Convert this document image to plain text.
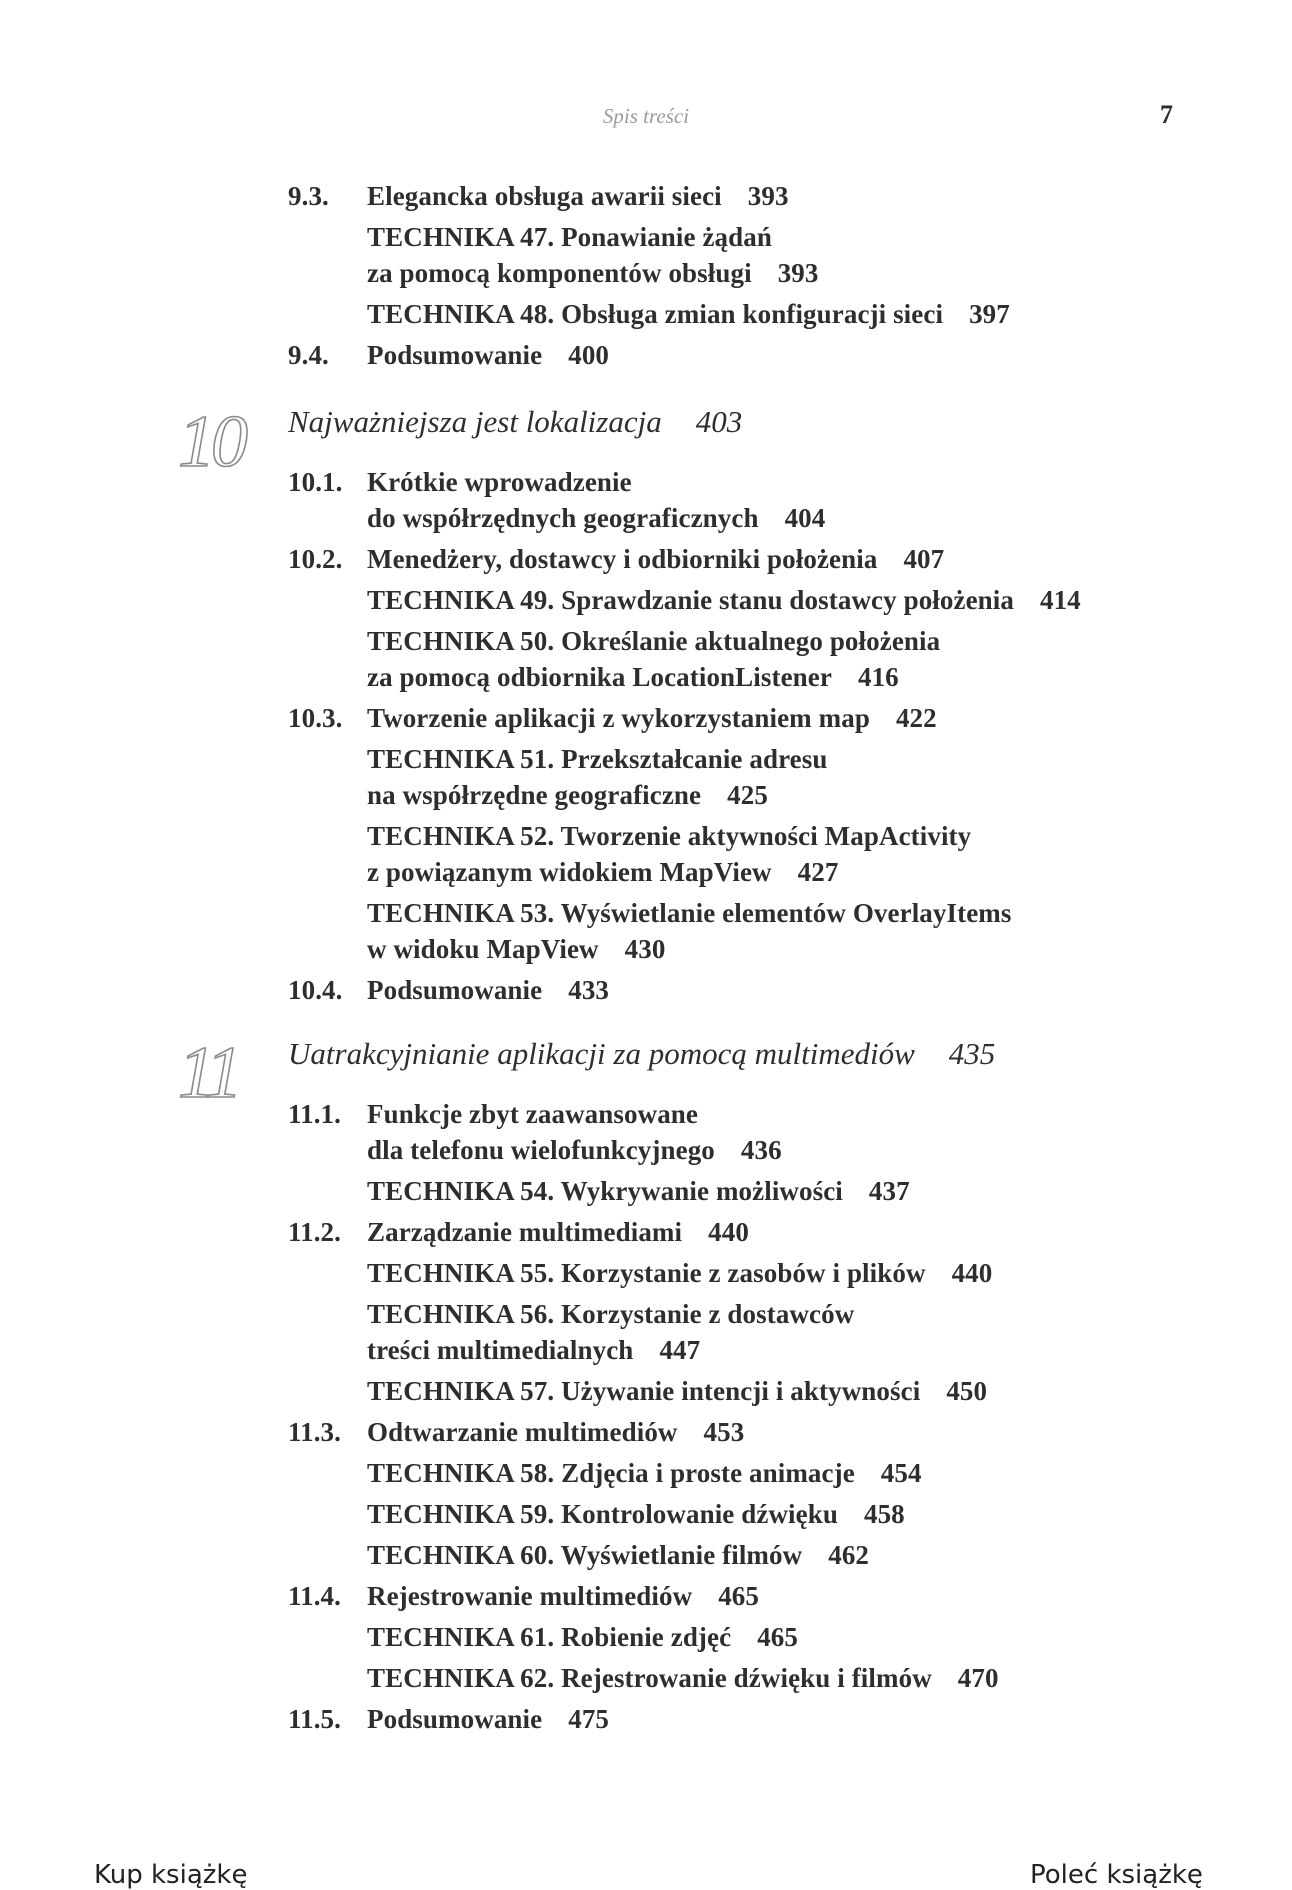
Spis treści	7
9.3. Elegancka obsługa awarii sieci 393
TECHNIKA 47. Ponawianie żądań
za pomocą komponentów obsługi 393
TECHNIKA 48. Obsługa zmian konfiguracji sieci 397
9.4. Podsumowanie 400
10 Najważniejsza jest lokalizacja 403
10.1. Krótkie wprowadzenie
do współrzędnych geograficznych 404
10.2. Menedżery, dostawcy i odbiorniki położenia 407
TECHNIKA 49. Sprawdzanie stanu dostawcy położenia 414
TECHNIKA 50. Określanie aktualnego położenia
za pomocą odbiornika LocationListener 416
10.3. Tworzenie aplikacji z wykorzystaniem map 422
TECHNIKA 51. Przekształcanie adresu
na współrzędne geograficzne 425
TECHNIKA 52. Tworzenie aktywności MapActivity
z powiązanym widokiem MapView 427
TECHNIKA 53. Wyświetlanie elementów OverlayItems
w widoku MapView 430
10.4. Podsumowanie 433
11 Uatrakcyjnianie aplikacji za pomocą multimediów 435
11.1. Funkcje zbyt zaawansowane
dla telefonu wielofunkcyjnego 436
TECHNIKA 54. Wykrywanie możliwości 437
11.2. Zarządzanie multimediami 440
TECHNIKA 55. Korzystanie z zasobów i plików 440
TECHNIKA 56. Korzystanie z dostawców
treści multimedialnych 447
TECHNIKA 57. Używanie intencji i aktywności 450
11.3. Odtwarzanie multimediów 453
TECHNIKA 58. Zdjęcia i proste animacje 454
TECHNIKA 59. Kontrolowanie dźwięku 458
TECHNIKA 60. Wyświetlanie filmów 462
11.4. Rejestrowanie multimediów 465
TECHNIKA 61. Robienie zdjęć 465
TECHNIKA 62. Rejestrowanie dźwięku i filmów 470
11.5. Podsumowanie 475
Kup książkę	Poleć książkę
